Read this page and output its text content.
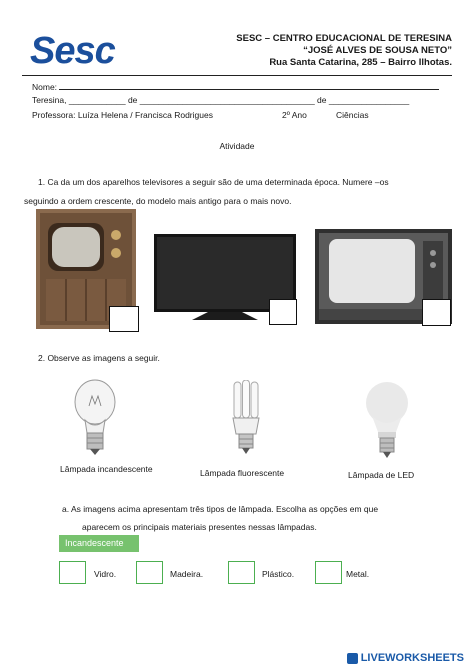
Sesc	SESC – CENTRO EDUCACIONAL DE TERESINA
“JOSÉ ALVES DE SOUSA NETO”
Rua Santa Catarina, 285 – Bairro Ilhotas.
Nome:
Teresina, ____________ de _____________________________________ de _________________
Professora: Luíza Helena / Francisca Rodrigues	2º Ano	Ciências
Atividade
1. Ca da um dos aparelhos televisores a seguir são de uma determinada época. Numere –os
seguindo a ordem crescente, do modelo mais antigo para o mais novo.
2. Observe as imagens a seguir.
Lâmpada incandescente	Lâmpada fluorescente	Lâmpada de LED
a. As imagens acima apresentam três tipos de lâmpada. Escolha as opções em que
aparecem os principais materiais presentes nessas lâmpadas.
Incandescente
Vidro.	Madeira.	Plástico.	Metal.
LIVEWORKSHEETS
